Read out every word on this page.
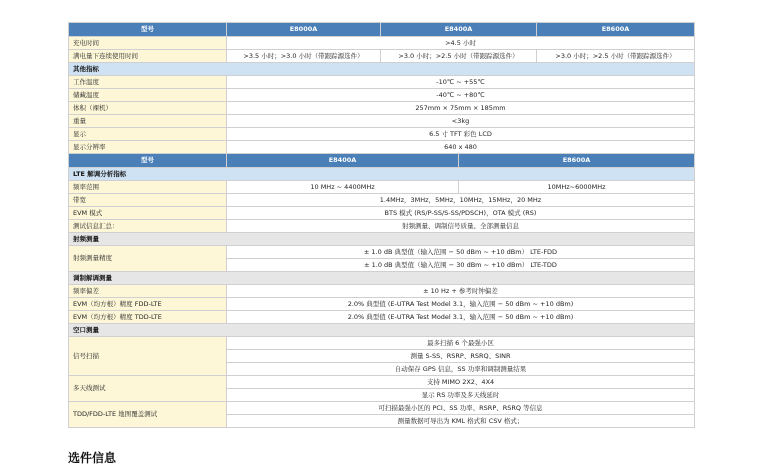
型号	E8000A	E8400A		E8600A
充电时间	>4.5 小时			
满电量下连续使用时间	>3.5 小时；>3.0 小时（带跟踪源选件）	>3.0 小时；>2.5 小时（带跟踪源选件）		>3.0 小时；>2.5 小时（带跟踪源选件）
其他指标				
工作温度	-10℃ ~ +55℃			
储藏温度	-40℃ ~ +80℃			
体积（裸机）	257mm × 75mm × 185mm			
重量	<3kg			
显示	6.5 寸 TFT 彩色 LCD			
显示分辨率	640 x 480			
型号	E8400A		E8600A	
LTE 解调分析指标				
频率范围	10 MHz ~ 4400MHz		10MHz~6000MHz	
带宽	1.4MHz，3MHz，5MHz，10MHz，15MHz，20 MHz			
EVM 模式	BTS 模式 (RS/P-SS/S-SS/PDSCH)，OTA 模式 (RS)			
测试信息汇总：	射频测量、调制信号质量、全部测量信息			
射频测量				
射频测量精度	± 1.0 dB 典型值（输入范围 − 50 dBm ~ +10 dBm） LTE-FDD			
	± 1.0 dB 典型值（输入范围 − 30 dBm ~ +10 dBm） LTE-TDD			
调制解调测量				
频率偏差	± 10 Hz + 参考时钟偏差			
EVM（均方根）精度 FDD-LTE	2.0% 典型值 (E-UTRA Test Model 3.1，输入范围 − 50 dBm ~ +10 dBm)			
EVM（均方根）精度 TDD-LTE	2.0% 典型值 (E-UTRA Test Model 3.1，输入范围 − 50 dBm ~ +10 dBm)			
空口测量				
信号扫描	最多扫描 6 个最强小区			
	测量 S-SS、RSRP、RSRQ、SINR			
	自动保存 GPS 信息，SS 功率和调制测量结果			
多天线测试	支持 MIMO 2X2、4X4			
	显示 RS 功率及多天线延时			
TDD/FDD-LTE 地图覆盖测试	可扫描最强小区的 PCI、SS 功率、RSRP、RSRQ 等信息			
	测量数据可导出为 KML 格式和 CSV 格式；			
选件信息
